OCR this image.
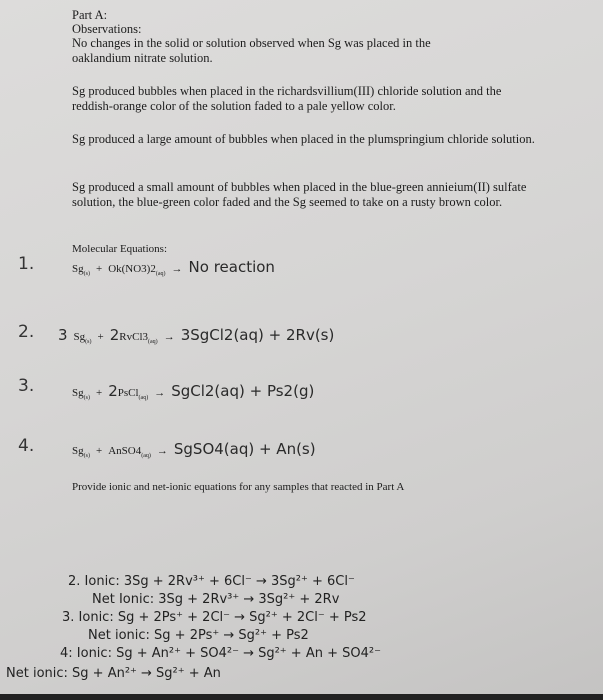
Part A:
Observations:
No changes in the solid or solution observed when Sg was placed in the oaklandium nitrate solution.
Sg produced bubbles when placed in the richardsvillium(III) chloride solution and the reddish-orange color of the solution faded to a pale yellow color.
Sg produced a large amount of bubbles when placed in the plumspringium chloride solution.
Sg produced a small amount of bubbles when placed in the blue-green annieium(II) sulfate solution, the blue-green color faded and the Sg seemed to take on a rusty brown color.
Molecular Equations:
1.	$Sg_{(s)} + Ok(NO3)2_{(aq)} \to No$ reaction
2. 3 $Sg_{(s)}$ + $2RvCl3_{(aq)}$ → 3SgCl2(aq) + 2Rv(s)
3.	$Sg_{(s)}$ + 2PsCl$_{(aq)}$ → SgCl2(aq) + Ps2(g)
4.	$Sg_{(s)}$ + $AnSO4_{(aq)}$ → SgSO4(aq) + An(s)
Provide ionic and net-ionic equations for any samples that reacted in Part A
2. Ionic: 3Sg + 2Rv³⁺ + 6Cl⁻ → 3Sg²⁺ + 6Cl⁻
Net Ionic: 3Sg + 2Rv³⁺ → 3Sg²⁺ + 2Rv
3. Ionic: Sg + 2Ps⁺ + 2Cl⁻ → Sg²⁺ + 2Cl⁻ + Ps2
Net ionic: Sg + 2Ps⁺ → Sg²⁺ + Ps2
4: Ionic: Sg + An²⁺ + SO4²⁻ → Sg²⁺ + An + SO4²⁻
Net ionic: Sg + An²⁺ → Sg²⁺ + An
